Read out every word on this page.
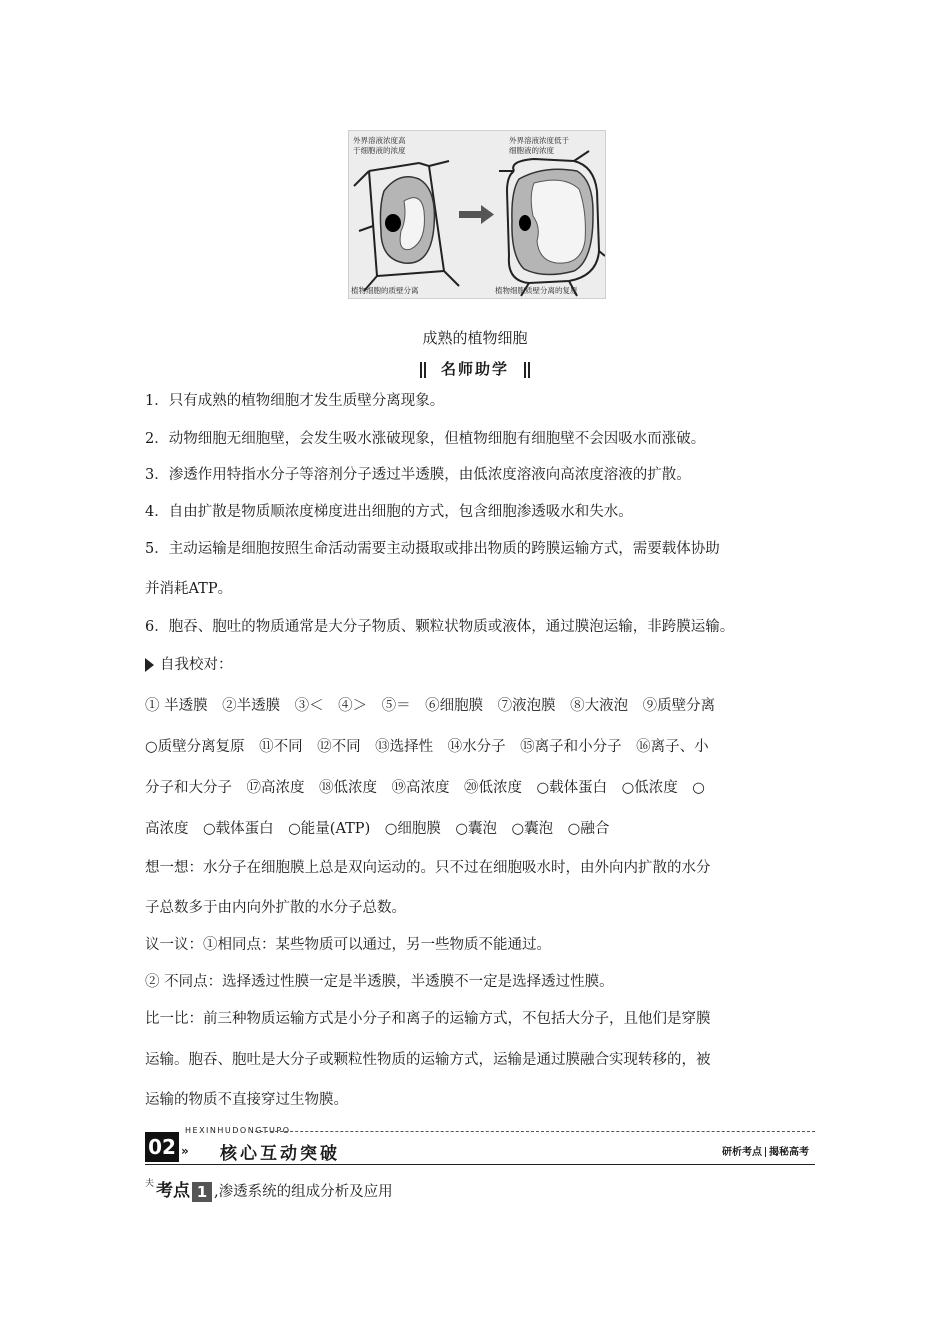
外界溶液浓度高
于细胞液的浓度
外界溶液浓度低于
细胞液的浓度
植物细胞的质壁分离	植物细胞质壁分离的复原
成熟的植物细胞
名师助学
1．只有成熟的植物细胞才发生质壁分离现象。
2．动物细胞无细胞壁，会发生吸水涨破现象，但植物细胞有细胞壁不会因吸水而涨破。
3．渗透作用特指水分子等溶剂分子透过半透膜，由低浓度溶液向高浓度溶液的扩散。
4．自由扩散是物质顺浓度梯度进出细胞的方式，包含细胞渗透吸水和失水。
5．主动运输是细胞按照生命活动需要主动摄取或排出物质的跨膜运输方式，需要载体协助
并消耗ATP。
6．胞吞、胞吐的物质通常是大分子物质、颗粒状物质或液体，通过膜泡运输，非跨膜运输。
自我校对：
① 半透膜　②半透膜　③＜　④＞　⑤＝　⑥细胞膜　⑦液泡膜　⑧大液泡　⑨质壁分离
○质壁分离复原　⑪不同　⑫不同　⑬选择性　⑭水分子　⑮离子和小分子　⑯离子、小
分子和大分子　⑰高浓度　⑱低浓度　⑲高浓度　⑳低浓度　○载体蛋白　○低浓度　○
高浓度　○载体蛋白　○能量(ATP)　○细胞膜　○囊泡　○囊泡　○融合
想一想：水分子在细胞膜上总是双向运动的。只不过在细胞吸水时，由外向内扩散的水分
子总数多于由内向外扩散的水分子总数。
议一议：①相同点：某些物质可以通过，另一些物质不能通过。
② 不同点：选择透过性膜一定是半透膜，半透膜不一定是选择透过性膜。
比一比：前三种物质运输方式是小分子和离子的运输方式，不包括大分子，且他们是穿膜
运输。胞吞、胞吐是大分子或颗粒性物质的运输方式，运输是通过膜融合实现转移的，被
运输的物质不直接穿过生物膜。
02
HEXINHUDONGTUPO
» 核心互动突破	研析考点 揭秘高考
$^夫$ 考点 1 ,渗透系统的组成分析及应用
